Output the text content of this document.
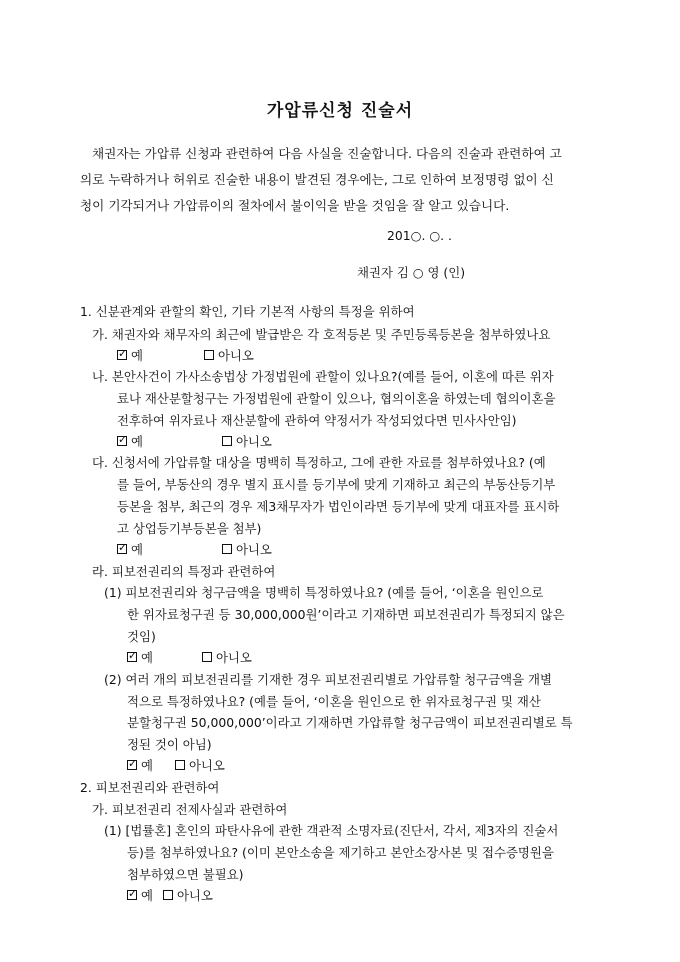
가압류신청 진술서
채권자는 가압류 신청과 관련하여 다음 사실을 진술합니다. 다음의 진술과 관련하여 고
의로 누락하거나 허위로 진술한 내용이 발견된 경우에는, 그로 인하여 보정명령 없이 신
청이 기각되거나 가압류이의 절차에서 불이익을 받을 것임을 잘 알고 있습니다.
201○. ○. .
채권자 김 ○ 영 (인)
1. 신분관계와 관할의 확인, 기타 기본적 사항의 특정을 위하여
가. 채권자와 채무자의 최근에 발급받은 각 호적등본 및 주민등록등본을 첨부하였나요
✓
예
	아니오
나. 본안사건이 가사소송법상 가정법원에 관할이 있나요?(예를 들어, 이혼에 따른 위자
료나 재산분할청구는 가정법원에 관할이 있으나, 협의이혼을 하였는데 협의이혼을
전후하여 위자료나 재산분할에 관하여 약정서가 작성되었다면 민사사안임)
✓
예
	아니오
다. 신청서에 가압류할 대상을 명백히 특정하고, 그에 관한 자료를 첨부하였나요? (예
를 들어, 부동산의 경우 별지 표시를 등기부에 맞게 기재하고 최근의 부동산등기부
등본을 첨부, 최근의 경우 제3채무자가 법인이라면 등기부에 맞게 대표자를 표시하
고 상업등기부등본을 첨부)
✓
예
	아니오
라. 피보전권리의 특정과 관련하여
(1) 피보전권리와 청구금액을 명백히 특정하였나요? (예를 들어, ‘이혼을 원인으로
한 위자료청구권 등 30,000,000원’이라고 기재하면 피보전권리가 특정되지 않은
것임)
✓
예
	아니오
(2) 여러 개의 피보전권리를 기재한 경우 피보전권리별로 가압류할 청구금액을 개별
적으로 특정하였나요? (예를 들어, ‘이혼을 원인으로 한 위자료청구권 및 재산
분할청구권 50,000,000’이라고 기재하면 가압류할 청구금액이 피보전권리별로 특
정된 것이 아님)
✓
예
	아니오
2. 피보전권리와 관련하여
가. 피보전권리 전제사실과 관련하여
(1) [법률혼] 혼인의 파탄사유에 관한 객관적 소명자료(진단서, 각서, 제3자의 진술서
등)를 첨부하였나요? (이미 본안소송을 제기하고 본안소장사본 및 접수증명원을
첨부하였으면 불필요)
✓
예
아니오
